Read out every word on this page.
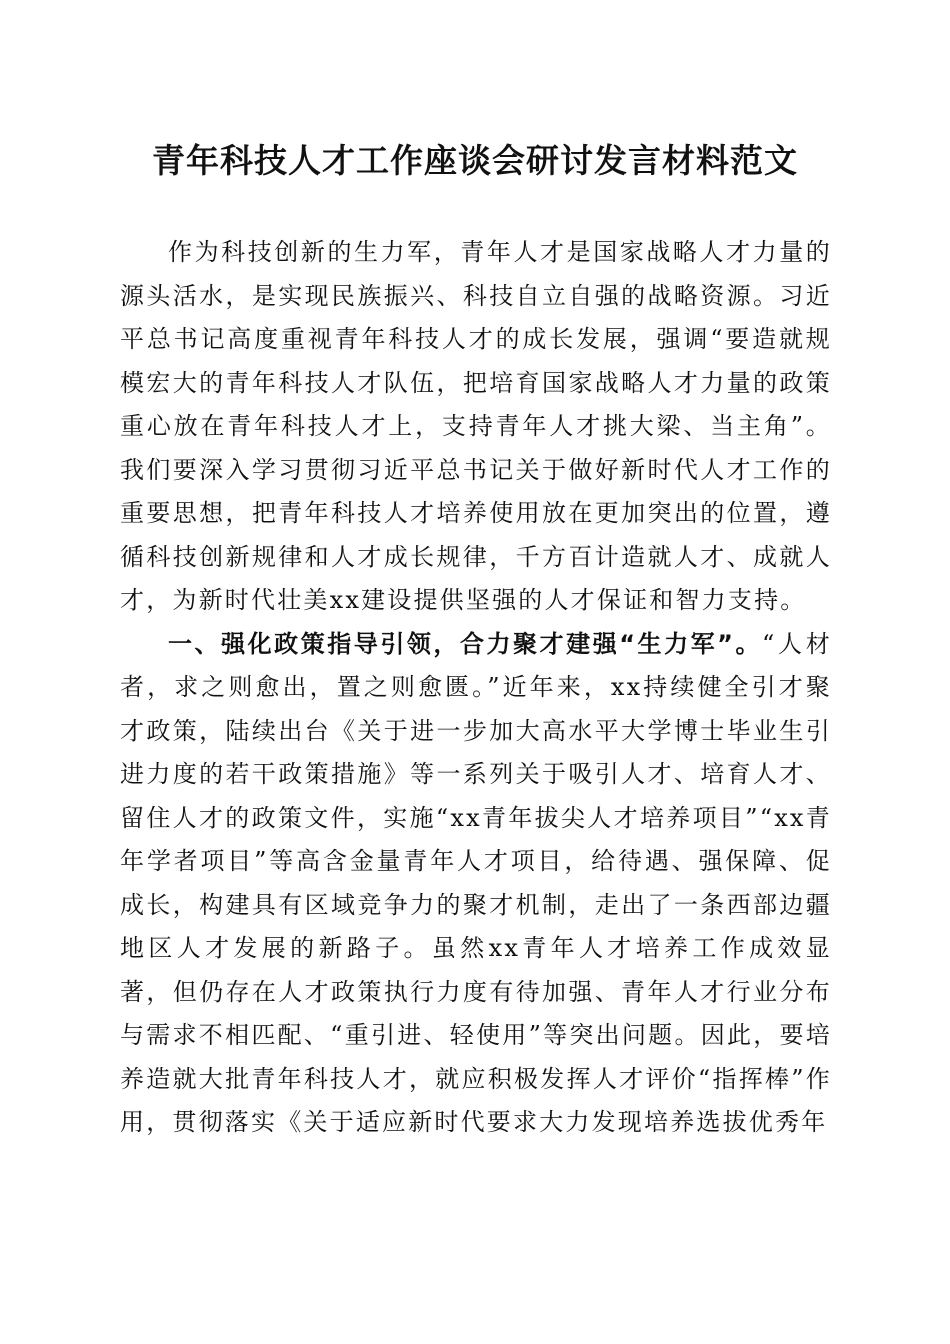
青年科技人才工作座谈会研讨发言材料范文

作为科技创新的生力军，青年人才是国家战略人才力量的源头活水，是实现民族振兴、科技自立自强的战略资源。习近平总书记高度重视青年科技人才的成长发展，强调“要造就规模宏大的青年科技人才队伍，把培育国家战略人才力量的政策重心放在青年科技人才上，支持青年人才挑大梁、当主角”。我们要深入学习贯彻习近平总书记关于做好新时代人才工作的重要思想，把青年科技人才培养使用放在更加突出的位置，遵循科技创新规律和人才成长规律，千方百计造就人才、成就人才，为新时代壮美xx建设提供坚强的人才保证和智力支持。

一、强化政策指导引领，合力聚才建强“生力军”。“人材者，求之则愈出，置之则愈匮。”近年来，xx持续健全引才聚才政策，陆续出台《关于进一步加大高水平大学博士毕业生引进力度的若干政策措施》等一系列关于吸引人才、培育人才、留住人才的政策文件，实施“xx青年拔尖人才培养项目”“xx青年学者项目”等高含金量青年人才项目，给待遇、强保障、促成长，构建具有区域竞争力的聚才机制，走出了一条西部边疆地区人才发展的新路子。虽然xx青年人才培养工作成效显著，但仍存在人才政策执行力度有待加强、青年人才行业分布与需求不相匹配、“重引进、轻使用”等突出问题。因此，要培养造就大批青年科技人才，就应积极发挥人才评价“指挥棒”作用，贯彻落实《关于适应新时代要求大力发现培养选拔优秀年
